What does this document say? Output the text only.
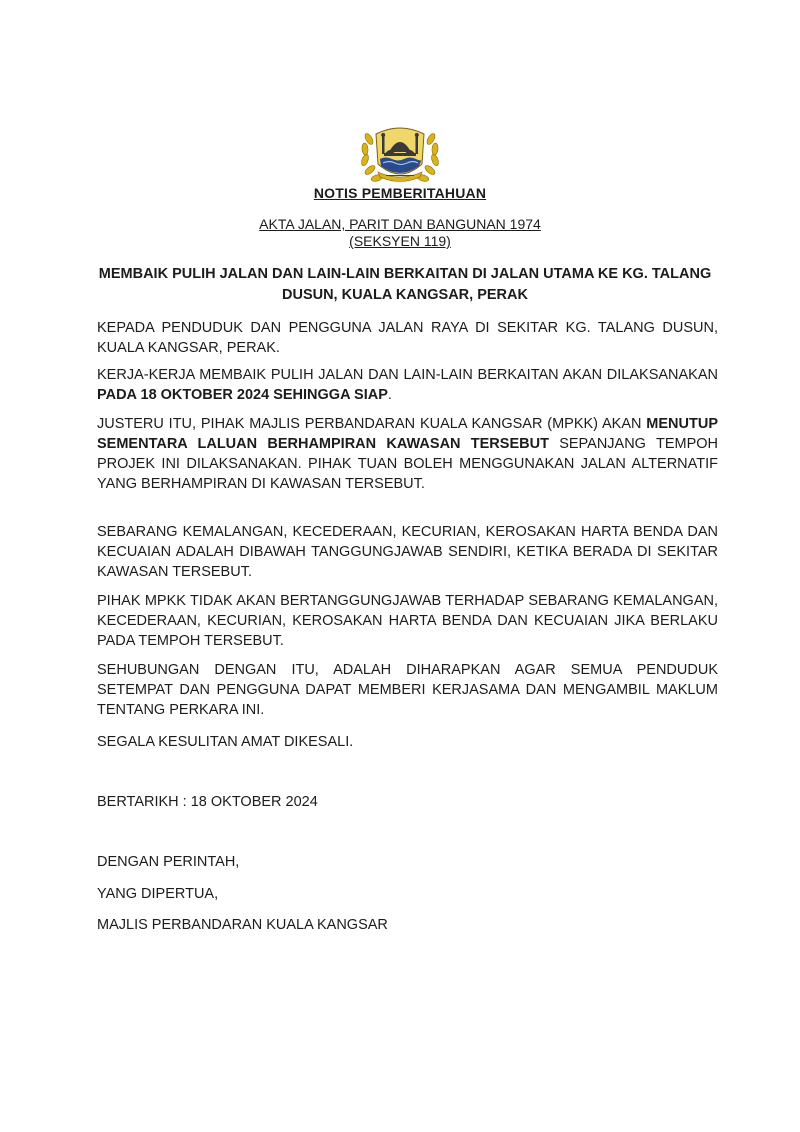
NOTIS PEMBERITAHUAN
AKTA JALAN, PARIT DAN BANGUNAN 1974
(SEKSYEN 119)
MEMBAIK PULIH JALAN DAN LAIN-LAIN BERKAITAN DI JALAN UTAMA KE KG. TALANG DUSUN, KUALA KANGSAR, PERAK
KEPADA PENDUDUK DAN PENGGUNA JALAN RAYA DI SEKITAR KG. TALANG DUSUN, KUALA KANGSAR, PERAK.
KERJA-KERJA MEMBAIK PULIH JALAN DAN LAIN-LAIN BERKAITAN AKAN DILAKSANAKAN PADA 18 OKTOBER 2024 SEHINGGA SIAP.
JUSTERU ITU, PIHAK MAJLIS PERBANDARAN KUALA KANGSAR (MPKK) AKAN MENUTUP SEMENTARA LALUAN BERHAMPIRAN KAWASAN TERSEBUT SEPANJANG TEMPOH PROJEK INI DILAKSANAKAN. PIHAK TUAN BOLEH MENGGUNAKAN JALAN ALTERNATIF YANG BERHAMPIRAN DI KAWASAN TERSEBUT.
SEBARANG KEMALANGAN, KECEDERAAN, KECURIAN, KEROSAKAN HARTA BENDA DAN KECUAIAN ADALAH DIBAWAH TANGGUNGJAWAB SENDIRI, KETIKA BERADA DI SEKITAR KAWASAN TERSEBUT.
PIHAK MPKK TIDAK AKAN BERTANGGUNGJAWAB TERHADAP SEBARANG KEMALANGAN, KECEDERAAN, KECURIAN, KEROSAKAN HARTA BENDA DAN KECUAIAN JIKA BERLAKU PADA TEMPOH TERSEBUT.
SEHUBUNGAN DENGAN ITU, ADALAH DIHARAPKAN AGAR SEMUA PENDUDUK SETEMPAT DAN PENGGUNA DAPAT MEMBERI KERJASAMA DAN MENGAMBIL MAKLUM TENTANG PERKARA INI.
SEGALA KESULITAN AMAT DIKESALI.
BERTARIKH : 18 OKTOBER 2024
DENGAN PERINTAH,
YANG DIPERTUA,
MAJLIS PERBANDARAN KUALA KANGSAR
